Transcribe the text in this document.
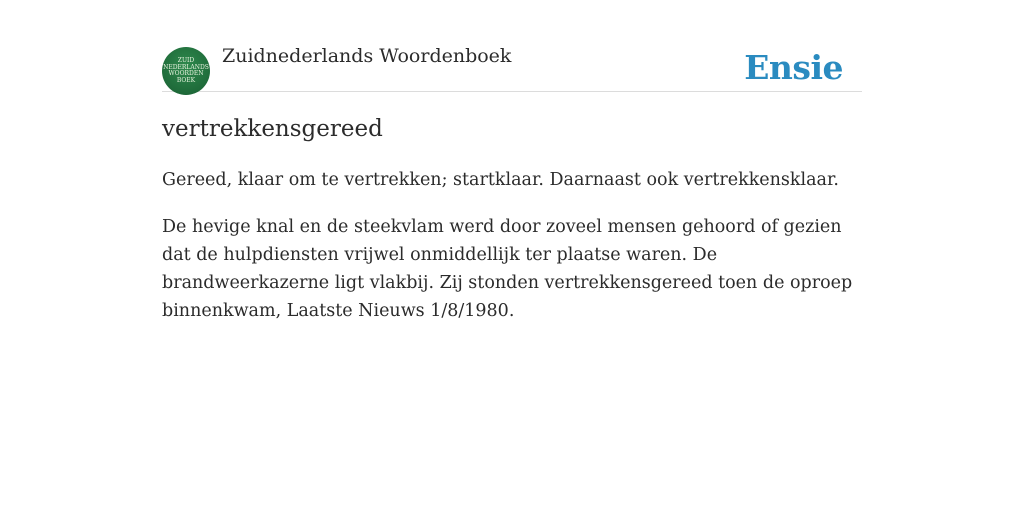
ZUID
NEDERLANDS
WOORDEN
BOEK
Zuidnederlands Woordenboek	Ensie
vertrekkensgereed

Gereed, klaar om te vertrekken; startklaar. Daarnaast ook vertrekkensklaar.

De hevige knal en de steekvlam werd door zoveel mensen gehoord of gezien dat de hulpdiensten vrijwel onmiddellijk ter plaatse waren. De brandweerkazerne ligt vlakbij. Zij stonden vertrekkensgereed toen de oproep binnenkwam, Laatste Nieuws 1/8/1980.
